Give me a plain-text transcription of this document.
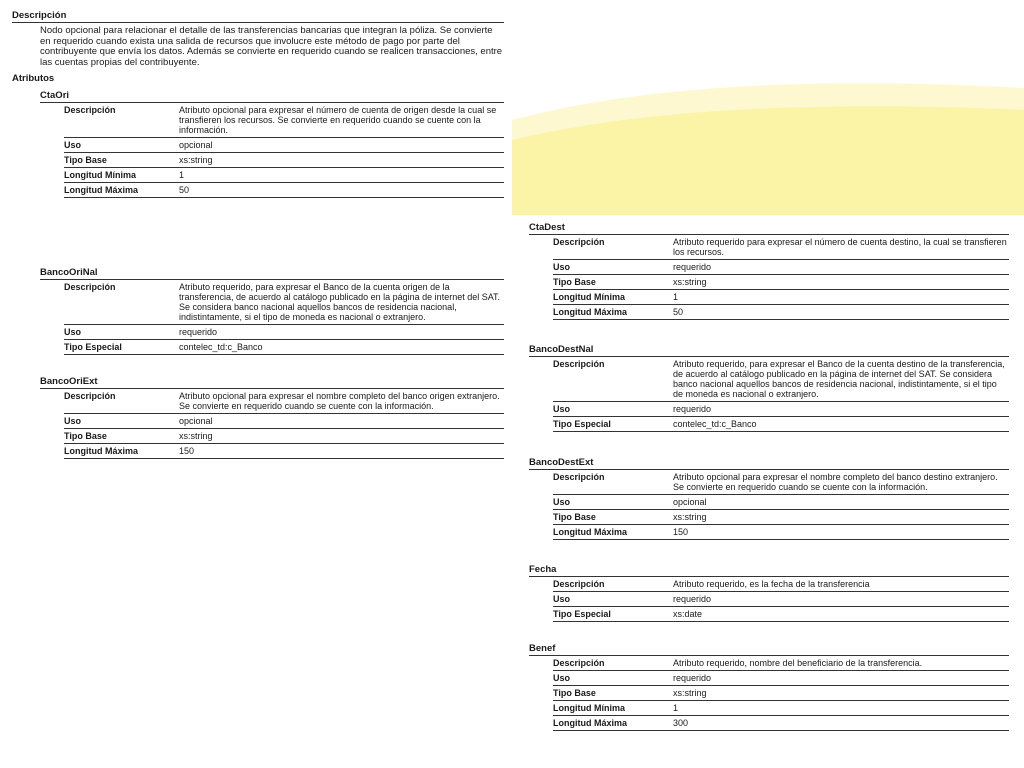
Descripción
Nodo opcional para relacionar el detalle de las transferencias bancarias que integran la póliza. Se convierte en requerido cuando exista una salida de recursos que involucre este método de pago por parte del contribuyente que envía los datos. Además se convierte en requerido cuando se realicen transacciones, entre las cuentas propias del contribuyente.
Atributos
CtaOri
Descripción	Atributo opcional para expresar el número de cuenta de origen desde la cual se transfieren los recursos. Se convierte en requerido cuando se cuente con la información.
Uso	opcional
Tipo Base	xs:string
Longitud Mínima	1
Longitud Máxima	50
BancoOriNal
Descripción	Atributo requerido, para expresar el Banco de la cuenta origen de la transferencia, de acuerdo al catálogo publicado en la página de internet del SAT. Se considera banco nacional aquellos bancos de residencia nacional, indistintamente, si el tipo de moneda es nacional o extranjero.
Uso	requerido
Tipo Especial	contelec_td:c_Banco
BancoOriExt
Descripción	Atributo opcional para expresar el nombre completo del banco origen extranjero. Se convierte en requerido cuando se cuente con la información.
Uso	opcional
Tipo Base	xs:string
Longitud Máxima	150
CtaDest
Descripción	Atributo requerido para expresar el número de cuenta destino, la cual se transfieren los recursos.
Uso	requerido
Tipo Base	xs:string
Longitud Mínima	1
Longitud Máxima	50
BancoDestNal
Descripción	Atributo requerido, para expresar el Banco de la cuenta destino de la transferencia, de acuerdo al catálogo publicado en la página de internet del SAT. Se considera banco nacional aquellos bancos de residencia nacional, indistintamente, si el tipo de moneda es nacional o extranjero.
Uso	requerido
Tipo Especial	contelec_td:c_Banco
BancoDestExt
Descripción	Atributo opcional para expresar el nombre completo del banco destino extranjero. Se convierte en requerido cuando se cuente con la información.
Uso	opcional
Tipo Base	xs:string
Longitud Máxima	150
Fecha
Descripción	Atributo requerido, es la fecha de la transferencia
Uso	requerido
Tipo Especial	xs:date
Benef
Descripción	Atributo requerido, nombre del beneficiario de la transferencia.
Uso	requerido
Tipo Base	xs:string
Longitud Mínima	1
Longitud Máxima	300
